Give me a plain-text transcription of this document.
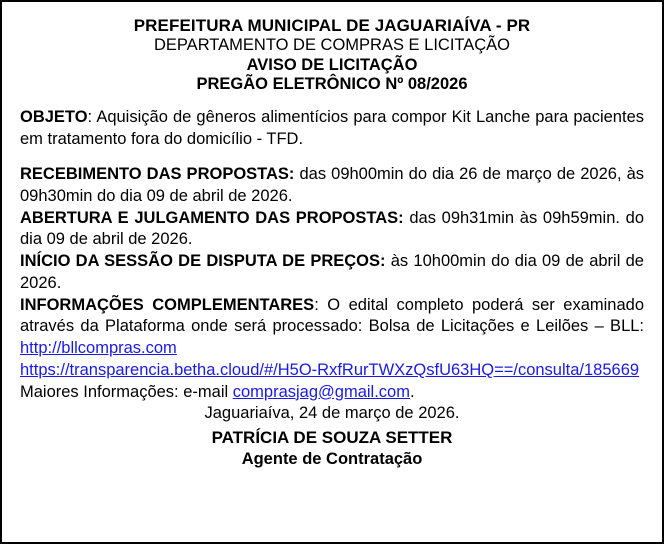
PREFEITURA MUNICIPAL DE JAGUARIAÍVA - PR
DEPARTAMENTO DE COMPRAS E LICITAÇÃO
AVISO DE LICITAÇÃO
PREGÃO ELETRÔNICO Nº 08/2026
OBJETO: Aquisição de gêneros alimentícios para compor Kit Lanche para pacientes em tratamento fora do domicílio - TFD.
RECEBIMENTO DAS PROPOSTAS: das 09h00min do dia 26 de março de 2026, às 09h30min do dia 09 de abril de 2026.
ABERTURA E JULGAMENTO DAS PROPOSTAS: das 09h31min às 09h59min. do dia 09 de abril de 2026.
INÍCIO DA SESSÃO DE DISPUTA DE PREÇOS: às 10h00min do dia 09 de abril de 2026.
INFORMAÇÕES COMPLEMENTARES: O edital completo poderá ser examinado através da Plataforma onde será processado: Bolsa de Licitações e Leilões – BLL: http://bllcompras.com
https://transparencia.betha.cloud/#/H5O-RxfRurTWXzQsfU63HQ==/consulta/185669
Maiores Informações: e-mail comprasjag@gmail.com.
Jaguariaíva, 24 de março de 2026.
PATRÍCIA DE SOUZA SETTER
Agente de Contratação
